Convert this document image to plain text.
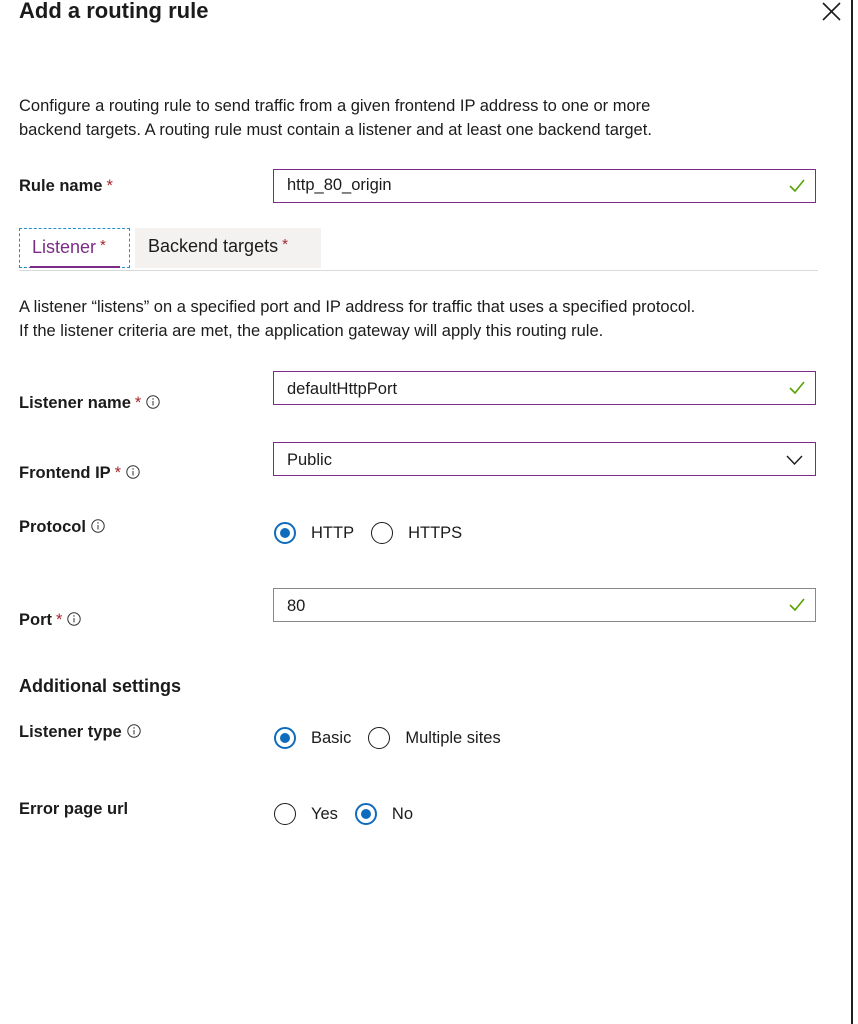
Add a routing rule
Configure a routing rule to send traffic from a given frontend IP address to one or more
backend targets. A routing rule must contain a listener and at least one backend target.
Rule name *	http_80_origin
Listener *	Backend targets *
A listener “listens” on a specified port and IP address for traffic that uses a specified protocol.
If the listener criteria are met, the application gateway will apply this routing rule.
Listener name *
defaultHttpPort
Frontend IP *
Public
Protocol	HTTP	HTTPS
Port *
80
Additional settings
Listener type	Basic	Multiple sites
Error page url	Yes	No
